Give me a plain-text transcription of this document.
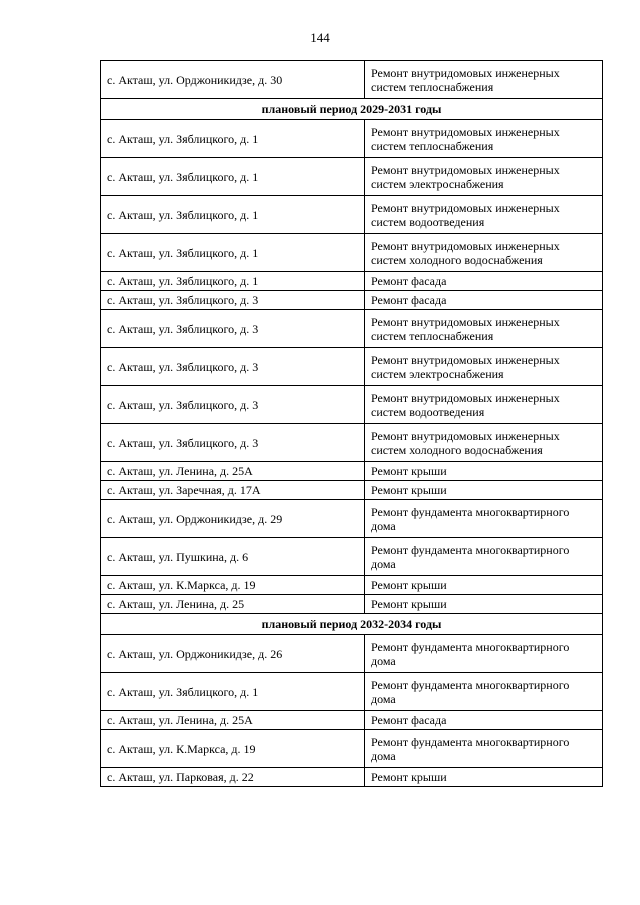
144
с. Акташ, ул. Орджоникидзе, д. 30	Ремонт внутридомовых инженерных систем теплоснабжения
плановый период 2029-2031 годы	
с. Акташ, ул. Зяблицкого, д. 1	Ремонт внутридомовых инженерных систем теплоснабжения
с. Акташ, ул. Зяблицкого, д. 1	Ремонт внутридомовых инженерных систем электроснабжения
с. Акташ, ул. Зяблицкого, д. 1	Ремонт внутридомовых инженерных систем водоотведения
с. Акташ, ул. Зяблицкого, д. 1	Ремонт внутридомовых инженерных систем холодного водоснабжения
с. Акташ, ул. Зяблицкого, д. 1	Ремонт фасада
с. Акташ, ул. Зяблицкого, д. 3	Ремонт фасада
с. Акташ, ул. Зяблицкого, д. 3	Ремонт внутридомовых инженерных систем теплоснабжения
с. Акташ, ул. Зяблицкого, д. 3	Ремонт внутридомовых инженерных систем электроснабжения
с. Акташ, ул. Зяблицкого, д. 3	Ремонт внутридомовых инженерных систем водоотведения
с. Акташ, ул. Зяблицкого, д. 3	Ремонт внутридомовых инженерных систем холодного водоснабжения
с. Акташ, ул. Ленина, д. 25А	Ремонт крыши
с. Акташ, ул. Заречная, д. 17А	Ремонт крыши
с. Акташ, ул. Орджоникидзе, д. 29	Ремонт фундамента многоквартирного дома
с. Акташ, ул. Пушкина, д. 6	Ремонт фундамента многоквартирного дома
с. Акташ, ул. К.Маркса, д. 19	Ремонт крыши
с. Акташ, ул. Ленина, д. 25	Ремонт крыши
плановый период 2032-2034 годы	
с. Акташ, ул. Орджоникидзе, д. 26	Ремонт фундамента многоквартирного дома
с. Акташ, ул. Зяблицкого, д. 1	Ремонт фундамента многоквартирного дома
с. Акташ, ул. Ленина, д. 25А	Ремонт фасада
с. Акташ, ул. К.Маркса, д. 19	Ремонт фундамента многоквартирного дома
с. Акташ, ул. Парковая, д. 22	Ремонт крыши
